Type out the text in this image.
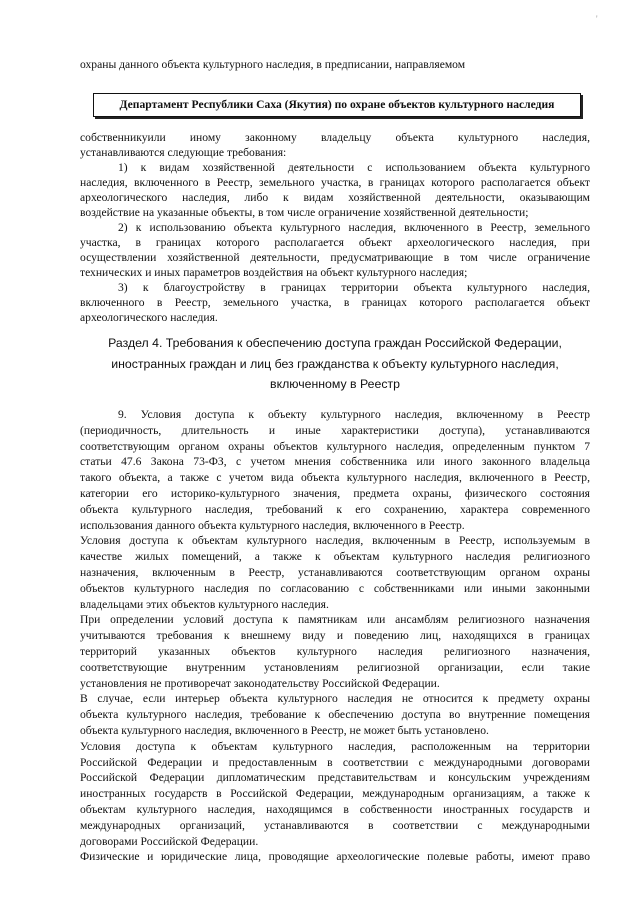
'
охраны данного объекта культурного наследия, в предписании, направляемом
Департамент Республики Саха (Якутия) по охране объектов культурного наследия
собственникуили иному законному владельцу объекта культурного наследия,
устанавливаются следующие требования:
1) к видам хозяйственной деятельности с использованием объекта культурного
наследия, включенного в Реестр, земельного участка, в границах которого располагается объект
археологического наследия, либо к видам хозяйственной деятельности, оказывающим
воздействие на указанные объекты, в том числе ограничение хозяйственной деятельности;
2) к использованию объекта культурного наследия, включенного в Реестр, земельного
участка, в границах которого располагается объект археологического наследия, при
осуществлении хозяйственной деятельности, предусматривающие в том числе ограничение
технических и иных параметров воздействия на объект культурного наследия;
3) к благоустройству в границах территории объекта культурного наследия,
включенного в Реестр, земельного участка, в границах которого располагается объект
археологического наследия.
Раздел 4. Требования к обеспечению доступа граждан Российской Федерации,
иностранных граждан и лиц без гражданства к объекту культурного наследия,
включенному в Реестр
9. Условия доступа к объекту культурного наследия, включенному в Реестр
(периодичность, длительность и иные характеристики доступа), устанавливаются
соответствующим органом охраны объектов культурного наследия, определенным пунктом 7
статьи 47.6 Закона 73-ФЗ, с учетом мнения собственника или иного законного владельца
такого объекта, а также с учетом вида объекта культурного наследия, включенного в Реестр,
категории его историко-культурного значения, предмета охраны, физического состояния
объекта культурного наследия, требований к его сохранению, характера современного
использования данного объекта культурного наследия, включенного в Реестр.
Условия доступа к объектам культурного наследия, включенным в Реестр, используемым в
качестве жилых помещений, а также к объектам культурного наследия религиозного
назначения, включенным в Реестр, устанавливаются соответствующим органом охраны
объектов культурного наследия по согласованию с собственниками или иными законными
владельцами этих объектов культурного наследия.
При определении условий доступа к памятникам или ансамблям религиозного назначения
учитываются требования к внешнему виду и поведению лиц, находящихся в границах
территорий указанных объектов культурного наследия религиозного назначения,
соответствующие внутренним установлениям религиозной организации, если такие
установления не противоречат законодательству Российской Федерации.
В случае, если интерьер объекта культурного наследия не относится к предмету охраны
объекта культурного наследия, требование к обеспечению доступа во внутренние помещения
объекта культурного наследия, включенного в Реестр, не может быть установлено.
Условия доступа к объектам культурного наследия, расположенным на территории
Российской Федерации и предоставленным в соответствии с международными договорами
Российской Федерации дипломатическим представительствам и консульским учреждениям
иностранных государств в Российской Федерации, международным организациям, а также к
объектам культурного наследия, находящимся в собственности иностранных государств и
международных организаций, устанавливаются в соответствии с международными
договорами Российской Федерации.
Физические и юридические лица, проводящие археологические полевые работы, имеют право
